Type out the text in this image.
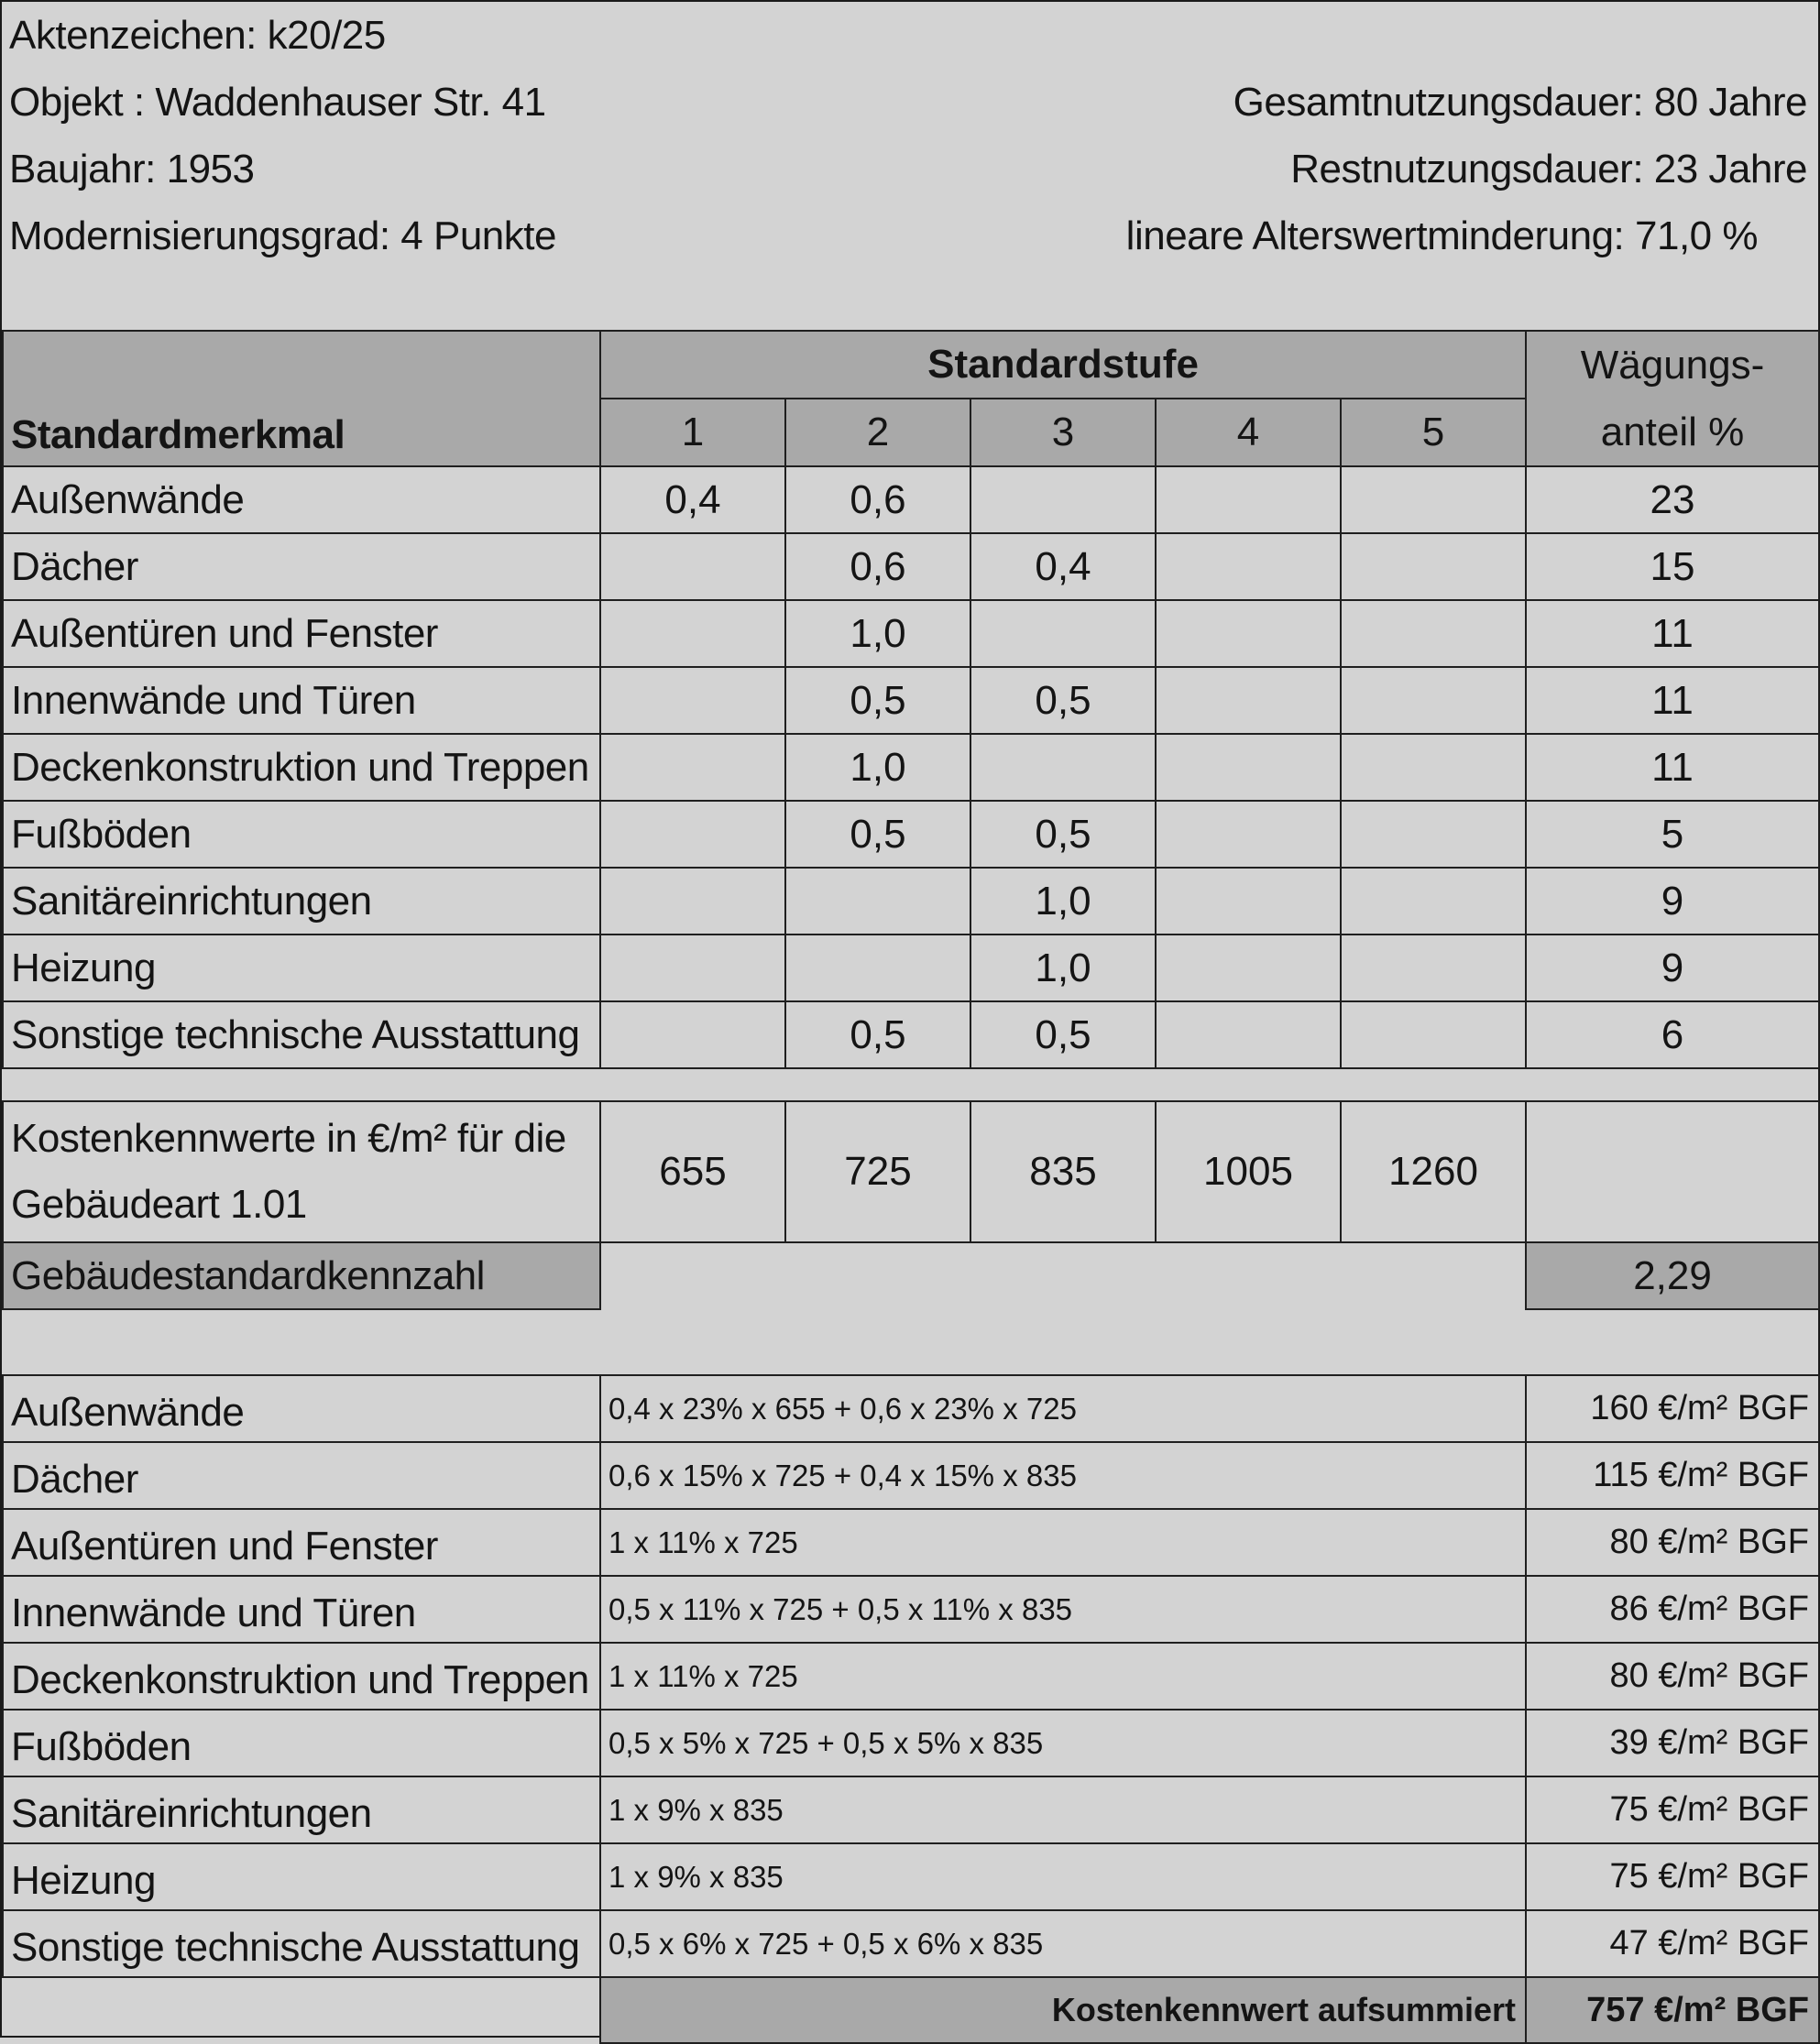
Aktenzeichen: k20/25
Objekt : Waddenhauser Str. 41
Baujahr: 1953
Modernisierungsgrad: 4 Punkte
Gesamtnutzungsdauer: 80 Jahre
Restnutzungsdauer: 23 Jahre
lineare Alterswertminderung: 71,0 %
Standardmerkmal	Standardstufe					Wägungs-
anteil %

	1	2	3	4	5	
Außenwände	0,4	0,6				23
Dächer		0,6	0,4			15
Außentüren und Fenster		1,0				11
Innenwände und Türen		0,5	0,5			11
Deckenkonstruktion und Treppen		1,0				11
Fußböden		0,5	0,5			5
Sanitäreinrichtungen			1,0			9
Heizung			1,0			9
Sonstige technische Ausstattung		0,5	0,5			6

Kostenkennwerte in €/m² für die
Gebäudeart 1.01	655	725	835	1005	1260	
Gebäudestandardkennzahl						2,29
Außenwände	0,4 x 23% x 655 + 0,6 x 23% x 725	160 €/m² BGF
Dächer	0,6 x 15% x 725 + 0,4 x 15% x 835	115 €/m² BGF
Außentüren und Fenster	1 x 11% x 725	80 €/m² BGF
Innenwände und Türen	0,5 x 11% x 725 + 0,5 x 11% x 835	86 €/m² BGF
Deckenkonstruktion und Treppen	1 x 11% x 725	80 €/m² BGF
Fußböden	0,5 x 5% x 725 + 0,5 x 5% x 835	39 €/m² BGF
Sanitäreinrichtungen	1 x 9% x 835	75 €/m² BGF
Heizung	1 x 9% x 835	75 €/m² BGF
Sonstige technische Ausstattung	0,5 x 6% x 725 + 0,5 x 6% x 835	47 €/m² BGF
	Kostenkennwert aufsummiert	757 €/m² BGF
